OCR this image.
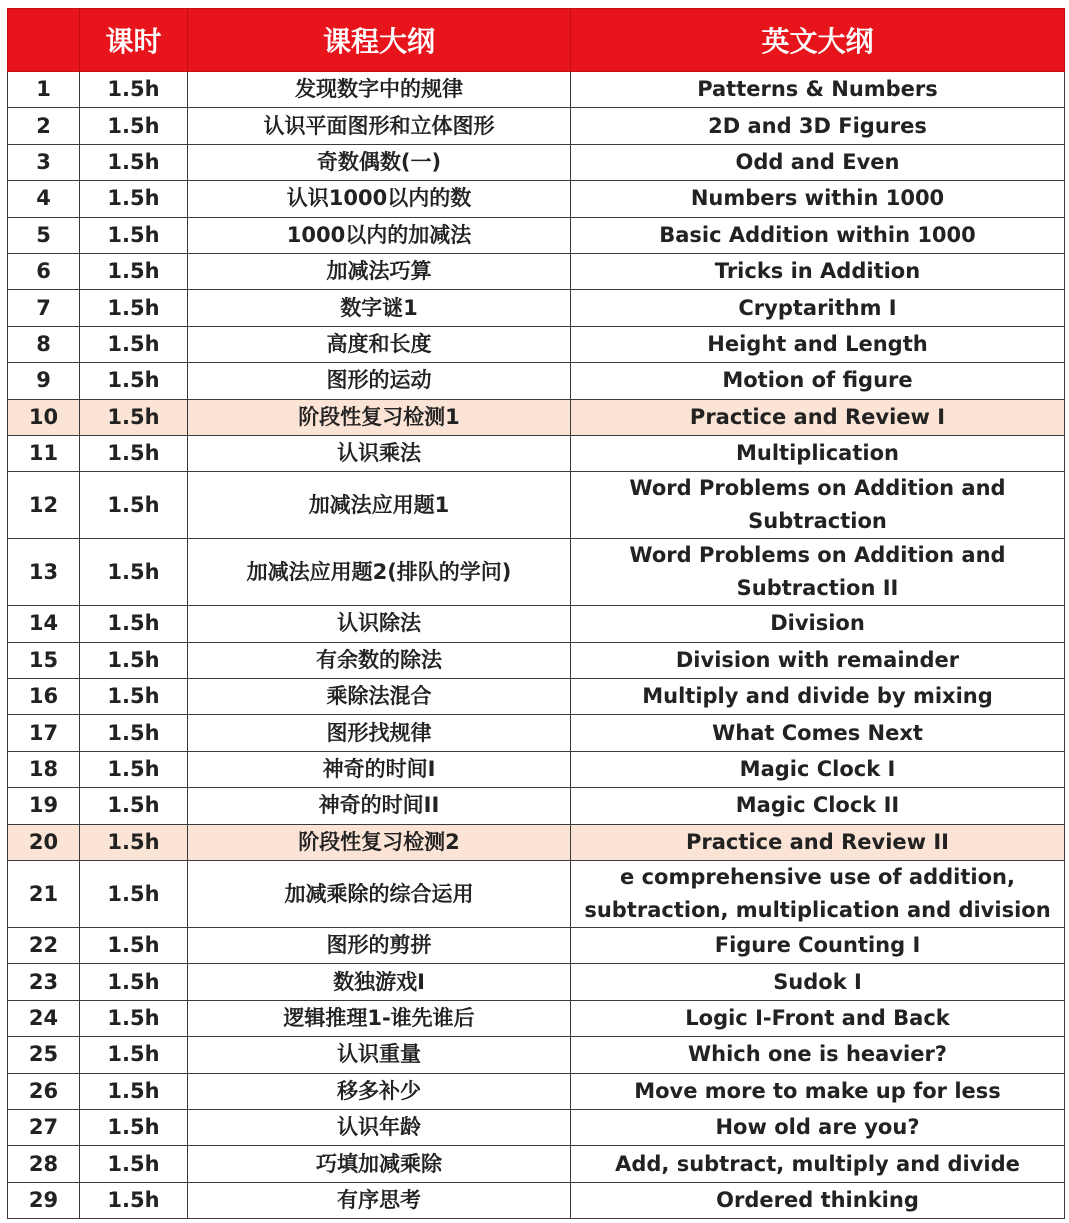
	课时	课程大纲	英文大纲
1	1.5h	发现数字中的规律	Patterns & Numbers
2	1.5h	认识平面图形和立体图形	2D and 3D Figures
3	1.5h	奇数偶数(一)	Odd and Even
4	1.5h	认识1000以内的数	Numbers within 1000
5	1.5h	1000以内的加减法	Basic Addition within 1000
6	1.5h	加减法巧算	Tricks in Addition
7	1.5h	数字谜1	Cryptarithm I
8	1.5h	高度和长度	Height and Length
9	1.5h	图形的运动	Motion of figure
10	1.5h	阶段性复习检测1	Practice and Review I
11	1.5h	认识乘法	Multiplication
12	1.5h	加减法应用题1	Word Problems on Addition and Subtraction
13	1.5h	加减法应用题2(排队的学问)	Word Problems on Addition and Subtraction II
14	1.5h	认识除法	Division
15	1.5h	有余数的除法	Division with remainder
16	1.5h	乘除法混合	Multiply and divide by mixing
17	1.5h	图形找规律	What Comes Next
18	1.5h	神奇的时间I	Magic Clock I
19	1.5h	神奇的时间II	Magic Clock II
20	1.5h	阶段性复习检测2	Practice and Review II
21	1.5h	加减乘除的综合运用	e comprehensive use of addition, subtraction, multiplication and division
22	1.5h	图形的剪拼	Figure Counting I
23	1.5h	数独游戏I	Sudok I
24	1.5h	逻辑推理1-谁先谁后	Logic I-Front and Back
25	1.5h	认识重量	Which one is heavier?
26	1.5h	移多补少	Move more to make up for less
27	1.5h	认识年龄	How old are you?
28	1.5h	巧填加减乘除	Add, subtract, multiply and divide
29	1.5h	有序思考	Ordered thinking
